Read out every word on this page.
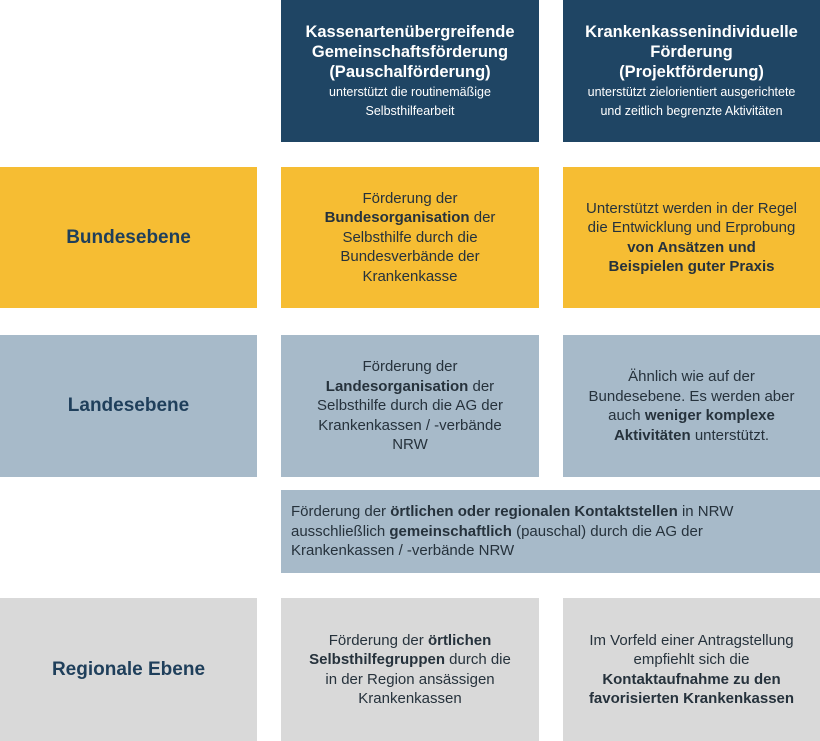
Kassenartenübergreifende
Gemeinschaftsförderung
(Pauschalförderung)
unterstützt die routinemäßige
Selbsthilfearbeit
Krankenkassenindividuelle
Förderung
(Projektförderung)
unterstützt zielorientiert ausgerichtete
und zeitlich begrenzte Aktivitäten
Bundesebene
Förderung der
Bundesorganisation der
Selbsthilfe durch die
Bundesverbände der
Krankenkasse
Unterstützt werden in der Regel
die Entwicklung und Erprobung
von Ansätzen und
Beispielen guter Praxis
Landesebene
Förderung der
Landesorganisation der
Selbsthilfe durch die AG der
Krankenkassen / -verbände
NRW
Ähnlich wie auf der
Bundesebene. Es werden aber
auch weniger komplexe
Aktivitäten unterstützt.
Förderung der örtlichen oder regionalen Kontaktstellen in NRW
ausschließlich gemeinschaftlich (pauschal) durch die AG der
Krankenkassen / -verbände NRW
Regionale Ebene
Förderung der örtlichen
Selbsthilfegruppen durch die
in der Region ansässigen
Krankenkassen
Im Vorfeld einer Antragstellung
empfiehlt sich die
Kontaktaufnahme zu den
favorisierten Krankenkassen
